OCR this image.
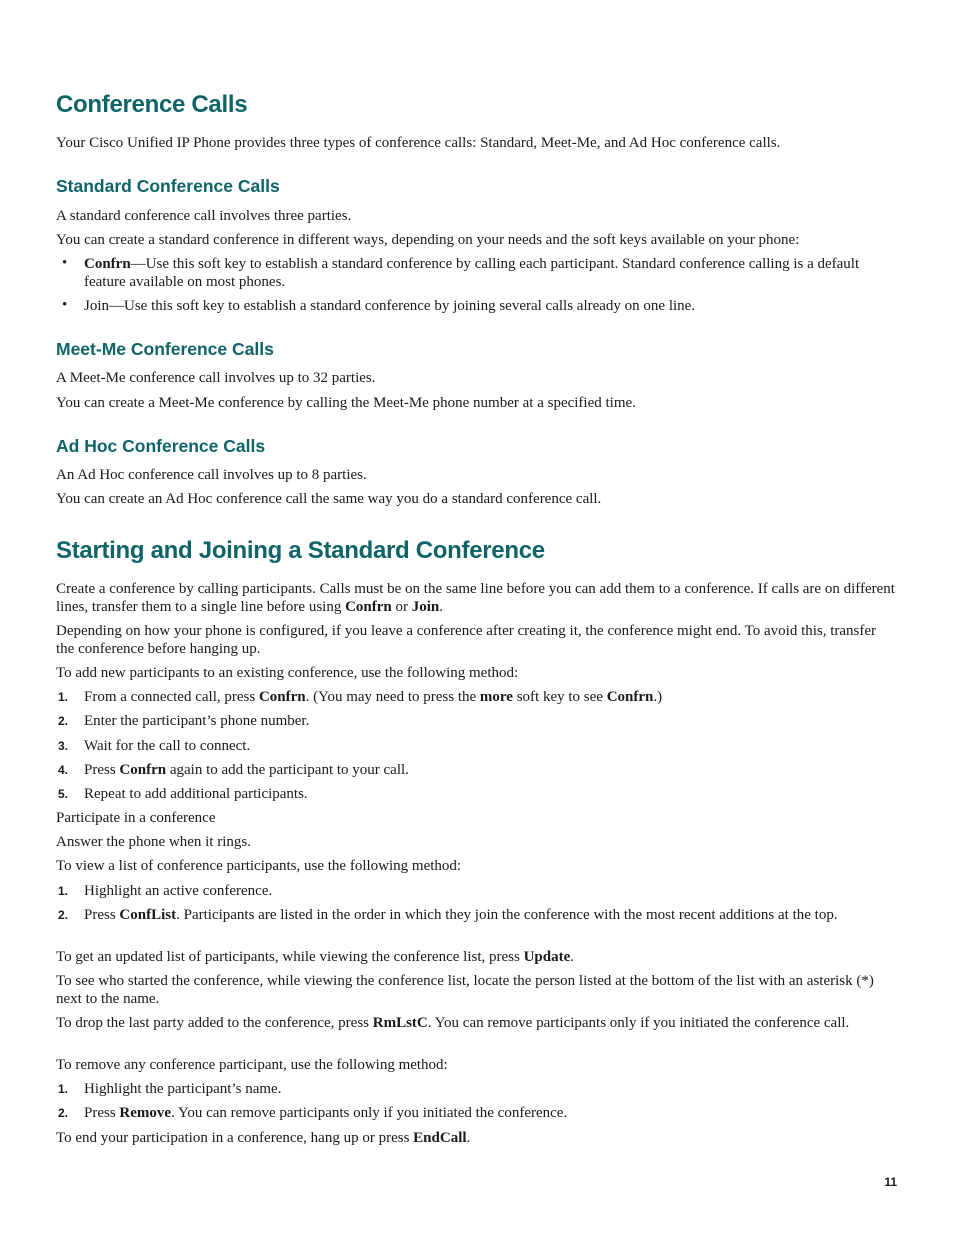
Conference Calls
Your Cisco Unified IP Phone provides three types of conference calls: Standard, Meet-Me, and Ad Hoc conference calls.
Standard Conference Calls
A standard conference call involves three parties.
You can create a standard conference in different ways, depending on your needs and the soft keys available on your phone:
•	Confrn—Use this soft key to establish a standard conference by calling each participant. Standard conference calling is a default feature available on most phones.
•	Join—Use this soft key to establish a standard conference by joining several calls already on one line.
Meet-Me Conference Calls
A Meet-Me conference call involves up to 32 parties.
You can create a Meet-Me conference by calling the Meet-Me phone number at a specified time.
Ad Hoc Conference Calls
An Ad Hoc conference call involves up to 8 parties.
You can create an Ad Hoc conference call the same way you do a standard conference call.
Starting and Joining a Standard Conference
Create a conference by calling participants. Calls must be on the same line before you can add them to a conference. If calls are on different lines, transfer them to a single line before using Confrn or Join.
Depending on how your phone is configured, if you leave a conference after creating it, the conference might end. To avoid this, transfer the conference before hanging up.
To add new participants to an existing conference, use the following method:
1. From a connected call, press Confrn. (You may need to press the more soft key to see Confrn.)
2. Enter the participant’s phone number.
3. Wait for the call to connect.
4. Press Confrn again to add the participant to your call.
5. Repeat to add additional participants.
Participate in a conference
Answer the phone when it rings.
To view a list of conference participants, use the following method:
1. Highlight an active conference.
2. Press ConfList. Participants are listed in the order in which they join the conference with the most recent additions at the top.
To get an updated list of participants, while viewing the conference list, press Update.
To see who started the conference, while viewing the conference list, locate the person listed at the bottom of the list with an asterisk (*) next to the name.
To drop the last party added to the conference, press RmLstC. You can remove participants only if you initiated the conference call.
To remove any conference participant, use the following method:
1. Highlight the participant’s name.
2. Press Remove. You can remove participants only if you initiated the conference.
To end your participation in a conference, hang up or press EndCall.
11
